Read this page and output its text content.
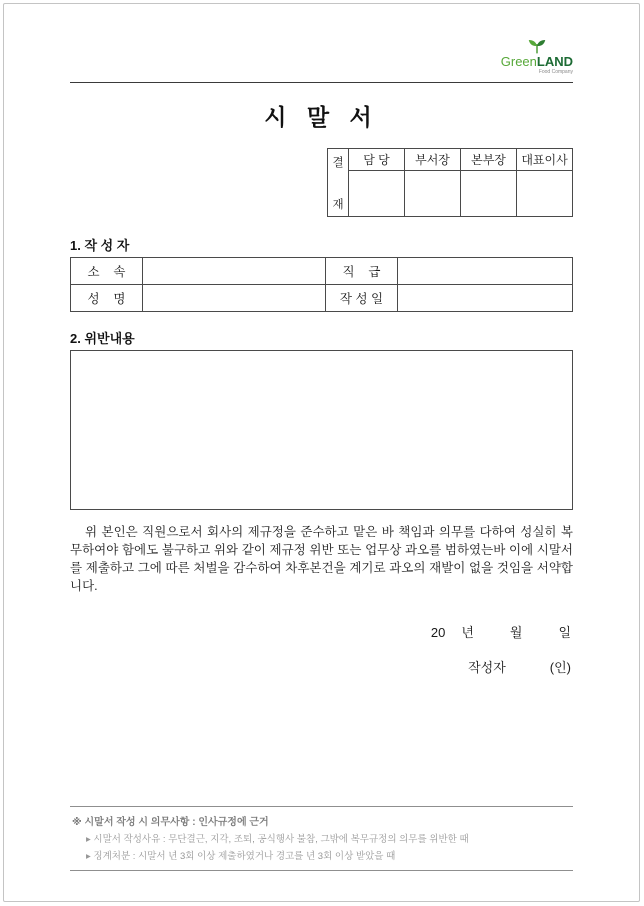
GreenLAND
Food Company
시 말 서
결
재	담 당	부서장	본부장	대표이사

1. 작 성 자
소    속		직    급	
성    명		작 성 일	
2. 위반내용

위 본인은 직원으로서 회사의 제규정을 준수하고 맡은 바 책임과 의무를 다하여 성실히 복무하여야 함에도 불구하고 위와 같이 제규정 위반 또는 업무상 과오를 범하였는바 이에 시말서를 제출하고 그에 따른 처벌을 감수하여 차후본건을 계기로 과오의 재발이 없을 것임을 서약합니다.

20 년	월	일
작성자	(인)
※ 시말서 작성 시 의무사항 : 인사규정에 근거
▸ 시말서 작성사유 : 무단결근, 지각, 조퇴, 공식행사 불참, 그밖에 복무규정의 의무를 위반한 때
▸ 징계처분 : 시말서 년 3회 이상 제출하였거나 경고를 년 3회 이상 받았을 때
